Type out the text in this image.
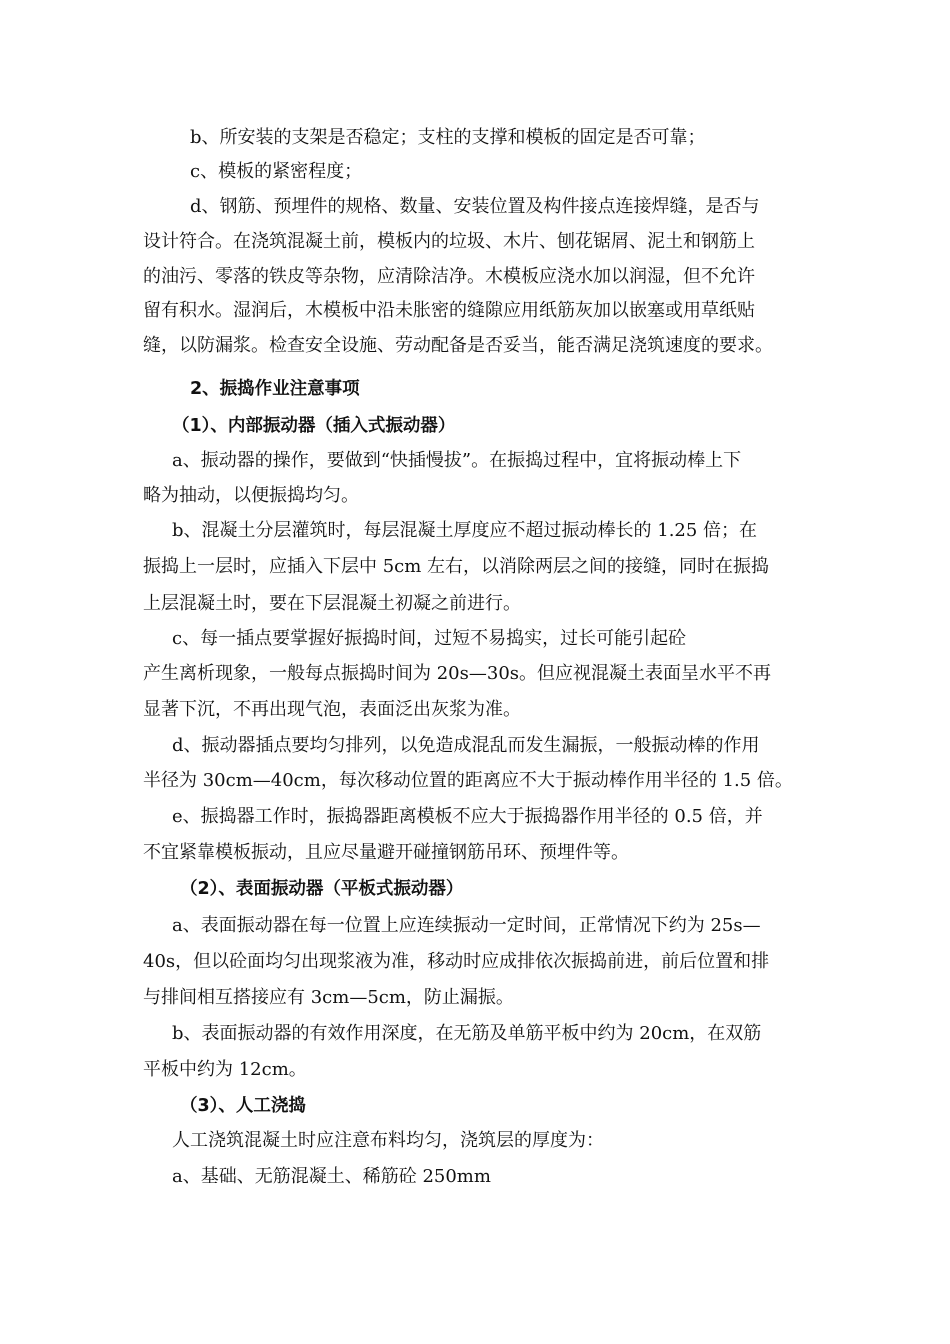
b、所安装的支架是否稳定；支柱的支撑和模板的固定是否可靠；
c、模板的紧密程度；
d、钢筋、预埋件的规格、数量、安装位置及构件接点连接焊缝，是否与
设计符合。在浇筑混凝土前，模板内的垃圾、木片、刨花锯屑、泥土和钢筋上
的油污、零落的铁皮等杂物，应清除洁净。木模板应浇水加以润湿，但不允许
留有积水。湿润后，木模板中沿未胀密的缝隙应用纸筋灰加以嵌塞或用草纸贴
缝，以防漏浆。检查安全设施、劳动配备是否妥当，能否满足浇筑速度的要求。
2、振捣作业注意事项
（1）、内部振动器（插入式振动器）
a、振动器的操作，要做到“快插慢拔”。在振捣过程中，宜将振动棒上下
略为抽动，以便振捣均匀。
b、混凝土分层灌筑时，每层混凝土厚度应不超过振动棒长的 1.25 倍；在
振捣上一层时，应插入下层中 5cm 左右，以消除两层之间的接缝，同时在振捣
上层混凝土时，要在下层混凝土初凝之前进行。
c、每一插点要掌握好振捣时间，过短不易捣实，过长可能引起砼
产生离析现象，一般每点振捣时间为 20s—30s。但应视混凝土表面呈水平不再
显著下沉，不再出现气泡，表面泛出灰浆为准。
d、振动器插点要均匀排列，以免造成混乱而发生漏振，一般振动棒的作用
半径为 30cm—40cm，每次移动位置的距离应不大于振动棒作用半径的 1.5 倍。
e、振捣器工作时，振捣器距离模板不应大于振捣器作用半径的 0.5 倍，并
不宜紧靠模板振动，且应尽量避开碰撞钢筋吊环、预埋件等。
（2）、表面振动器（平板式振动器）
a、表面振动器在每一位置上应连续振动一定时间，正常情况下约为 25s—
40s，但以砼面均匀出现浆液为准，移动时应成排依次振捣前进，前后位置和排
与排间相互搭接应有 3cm—5cm，防止漏振。
b、表面振动器的有效作用深度，在无筋及单筋平板中约为 20cm，在双筋
平板中约为 12cm。
（3）、人工浇捣
人工浇筑混凝土时应注意布料均匀，浇筑层的厚度为：
a、基础、无筋混凝土、稀筋砼 250mm
